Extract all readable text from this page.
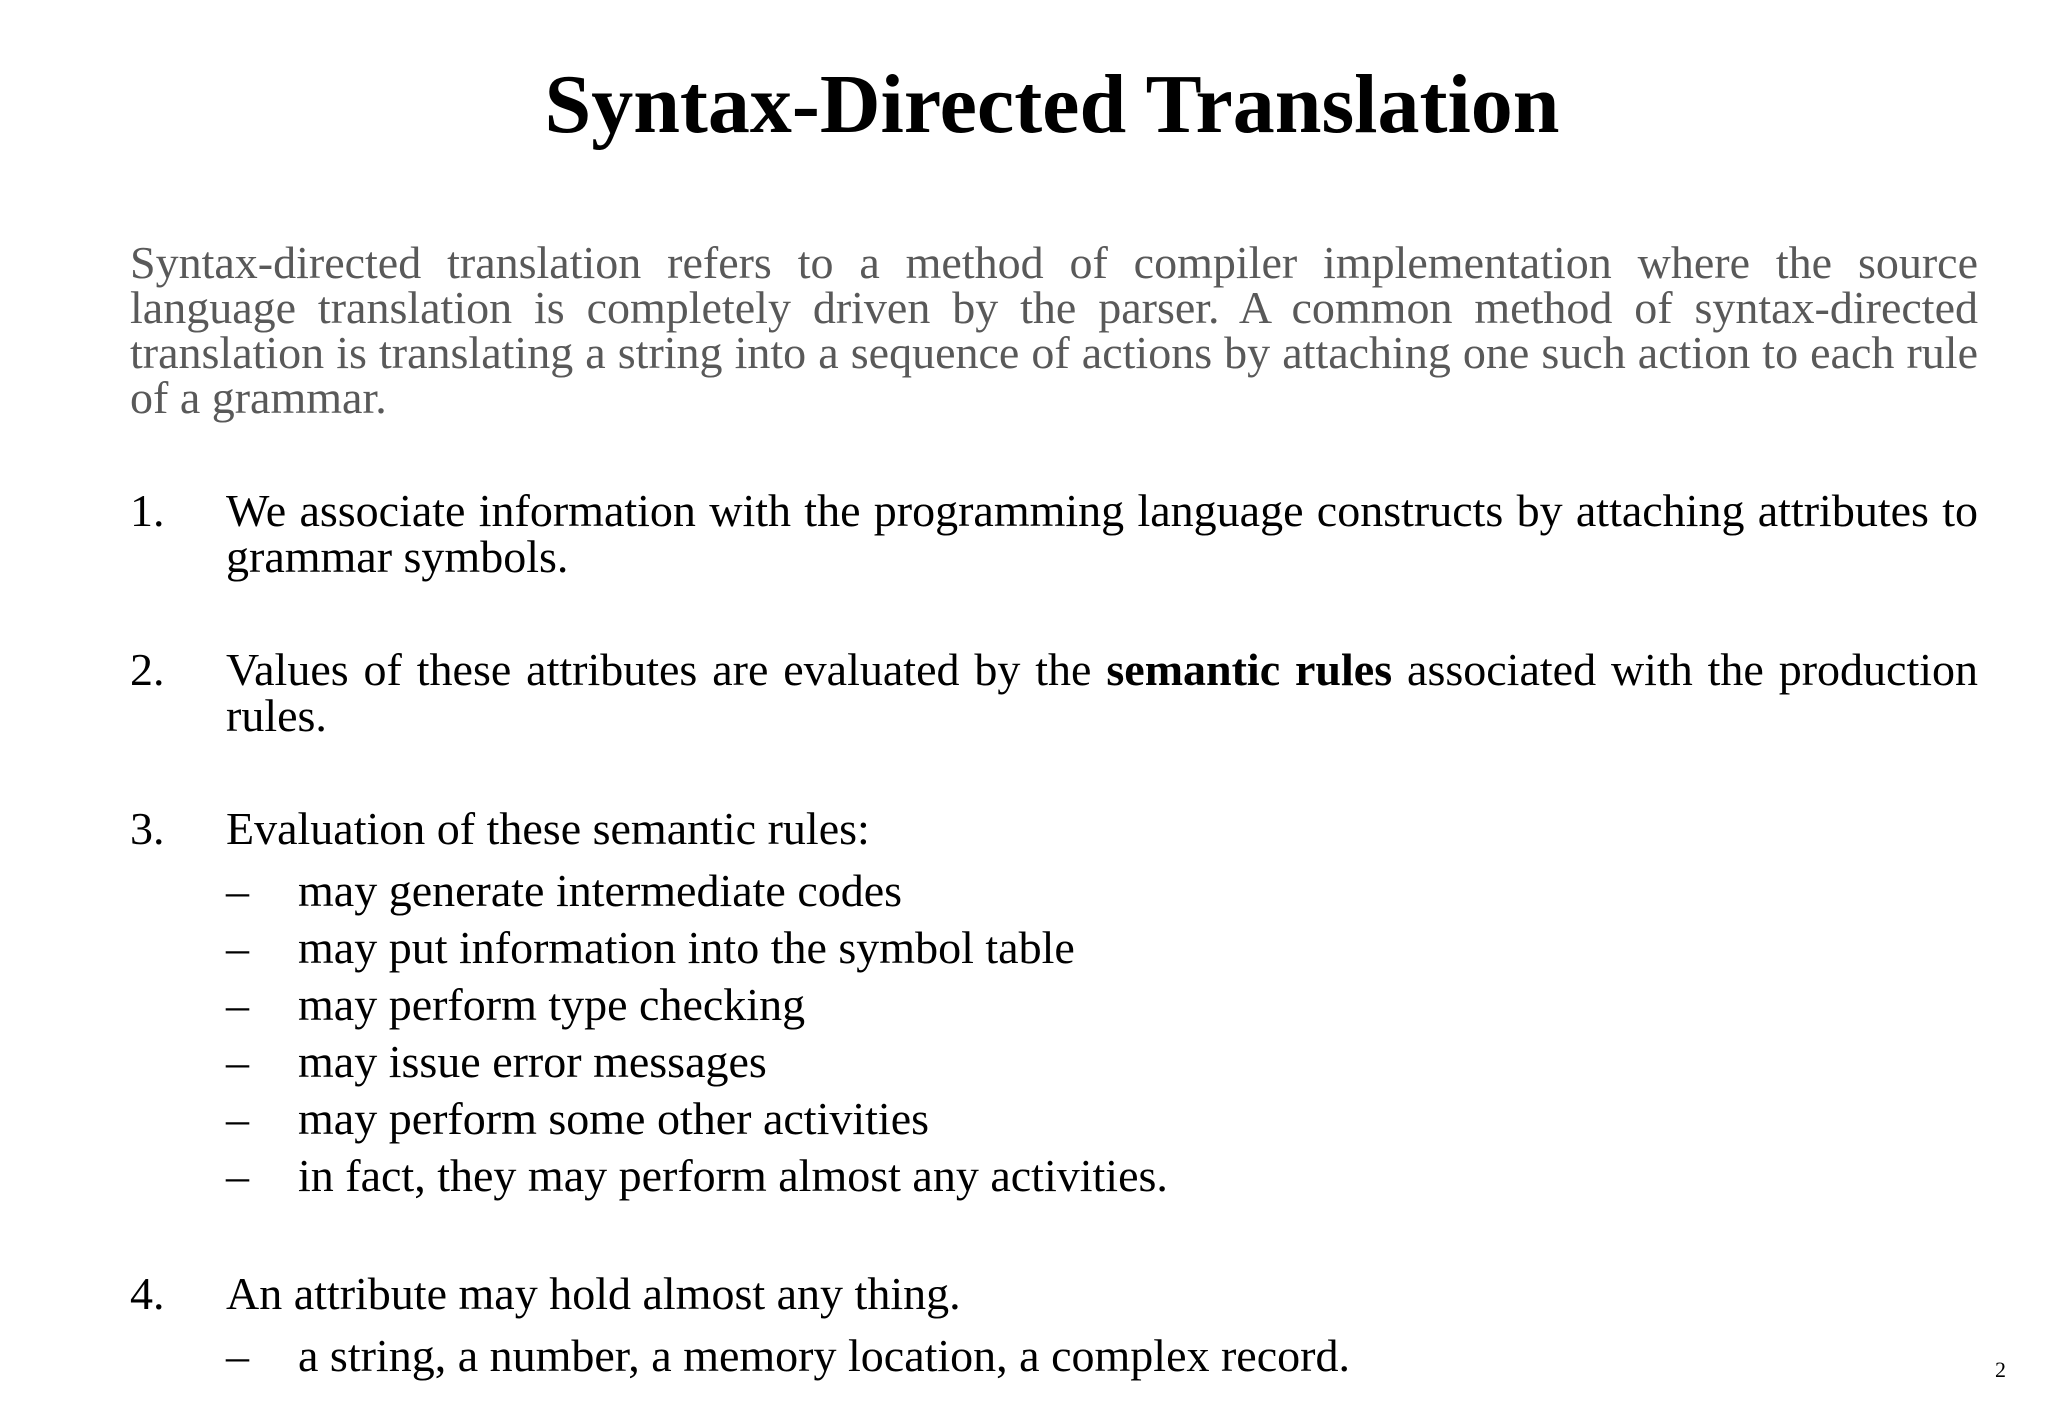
Syntax-Directed Translation

Syntax-directed translation refers to a method of compiler implementation where the source language translation is completely driven by the parser. A common method of syntax-directed translation is translating a string into a sequence of actions by attaching one such action to each rule of a grammar.

1. We associate information with the programming language constructs by attaching attributes to grammar symbols.
2. Values of these attributes are evaluated by the semantic rules associated with the production rules.
3. Evaluation of these semantic rules:
– may generate intermediate codes
– may put information into the symbol table
– may perform type checking
– may issue error messages
– may perform some other activities
– in fact, they may perform almost any activities.
4. An attribute may hold almost any thing.
– a string, a number, a memory location, a complex record.	2
